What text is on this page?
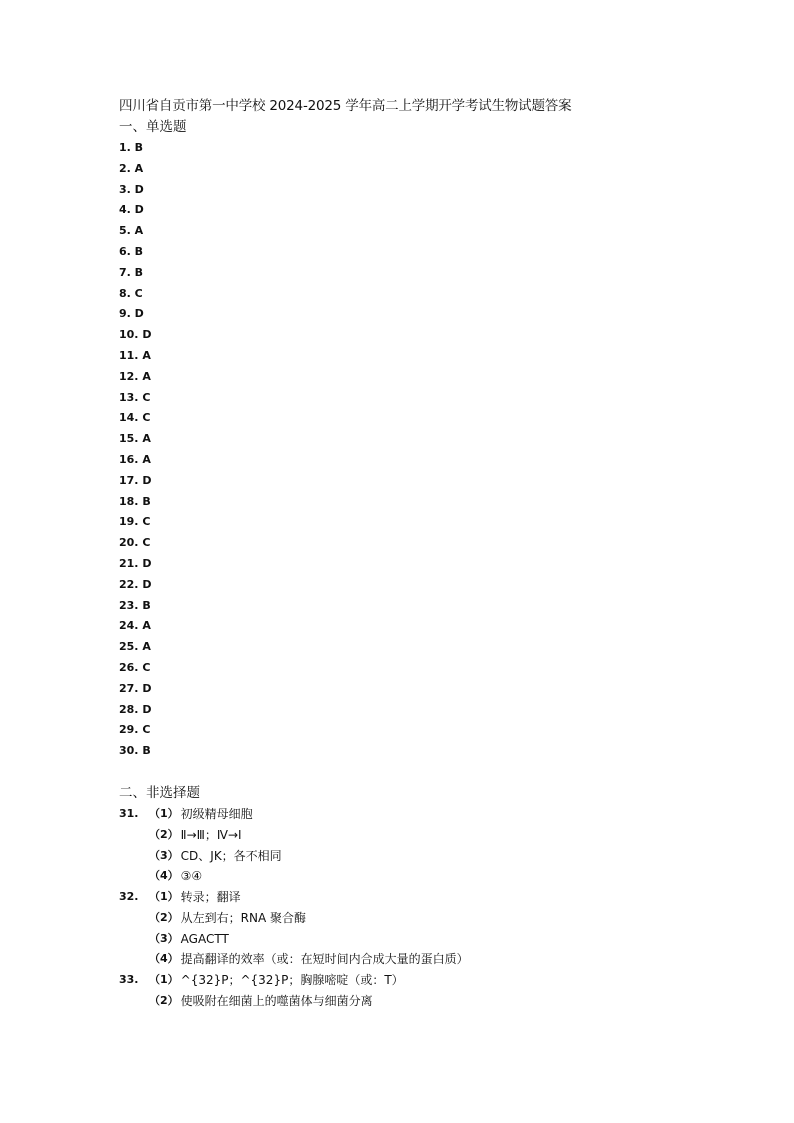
四川省自贡市第一中学校 2024-2025 学年高二上学期开学考试生物试题答案
一、单选题
1. B
2. A
3. D
4. D
5. A
6. B
7. B
8. C
9. D
10. D
11. A
12. A
13. C
14. C
15. A
16. A
17. D
18. B
19. C
20. C
21. D
22. D
23. B
24. A
25. A
26. C
27. D
28. D
29. C
30. B
二、非选择题
31. （1） 初级精母细胞
（2） Ⅱ→Ⅲ；Ⅳ→Ⅰ
（3） CD、JK；各不相同
（4） ③④
32. （1） 转录；翻译
（2） 从左到右；RNA 聚合酶
（3） AGACTT
（4） 提高翻译的效率（或：在短时间内合成大量的蛋白质）
33. （1） ^{32}P；^{32}P；胸腺嘧啶（或：T）
（2） 使吸附在细菌上的噬菌体与细菌分离
